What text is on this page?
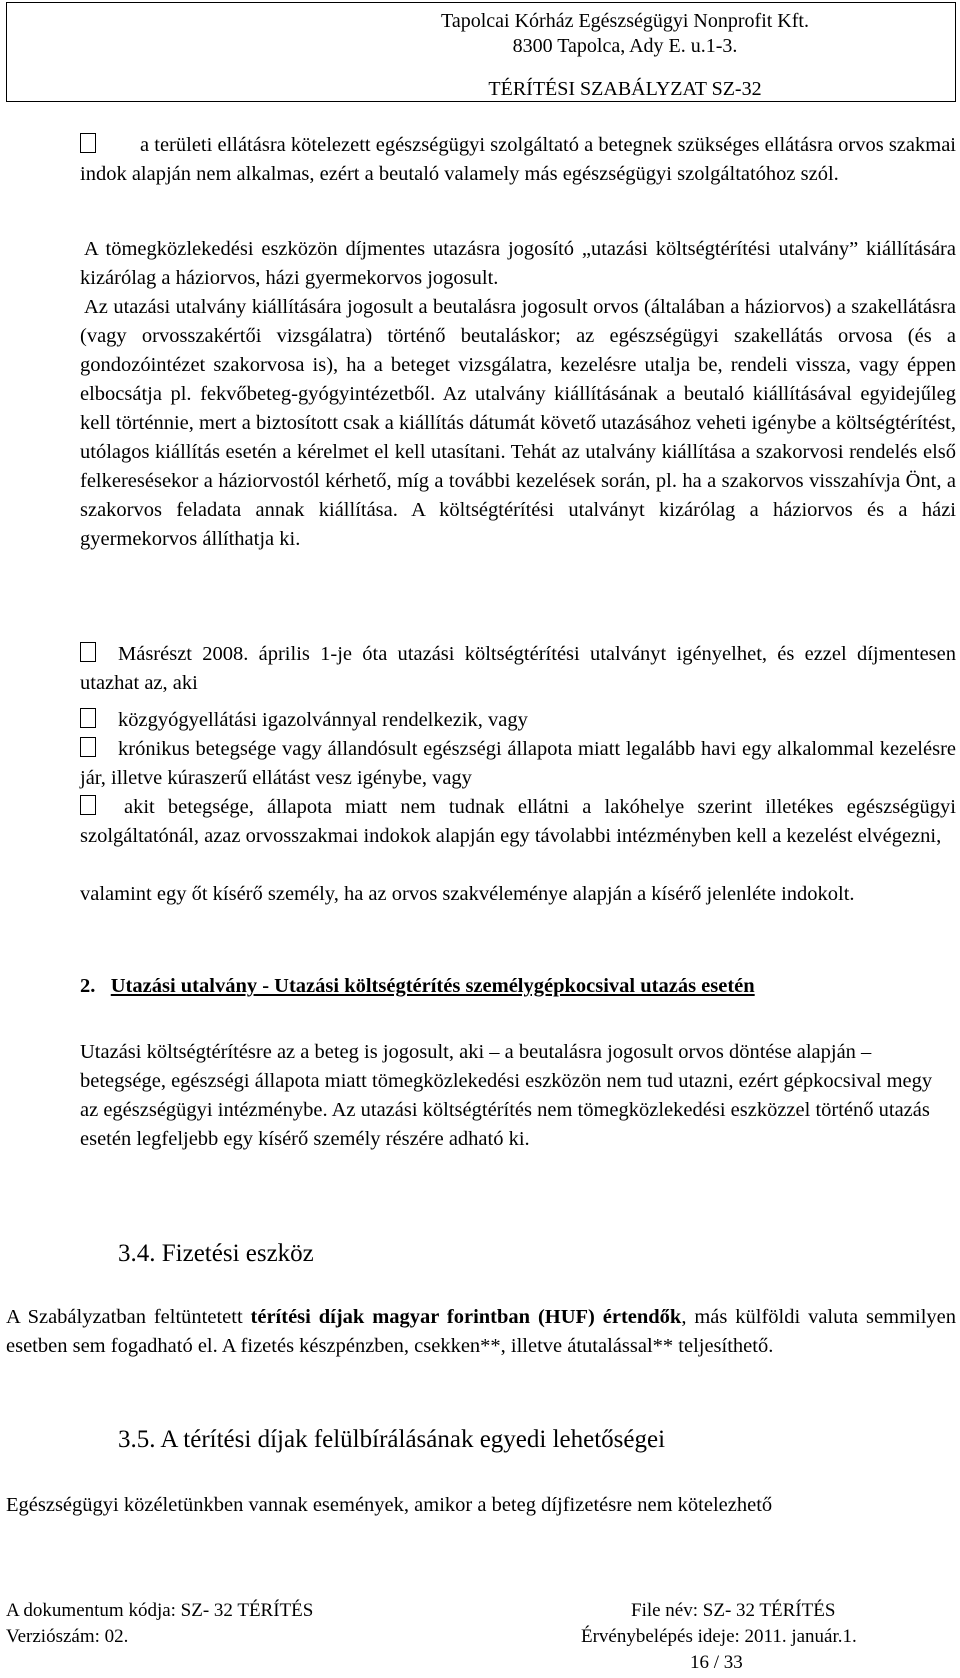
Tapolcai Kórház Egészségügyi Nonprofit Kft.
8300 Tapolca, Ady E. u.1-3.
TÉRÍTÉSI SZABÁLYZAT SZ-32
a területi ellátásra kötelezett egészségügyi szolgáltató a betegnek szükséges ellátásra orvos szakmai indok alapján nem alkalmas, ezért a beutaló valamely más egészségügyi szolgáltatóhoz szól.
A tömegközlekedési eszközön díjmentes utazásra jogosító „utazási költségtérítési utalvány” kiállítására kizárólag a háziorvos, házi gyermekorvos jogosult.
Az utazási utalvány kiállítására jogosult a beutalásra jogosult orvos (általában a háziorvos) a szakellátásra (vagy orvosszakértői vizsgálatra) történő beutaláskor; az egészségügyi szakellátás orvosa (és a gondozóintézet szakorvosa is), ha a beteget vizsgálatra, kezelésre utalja be, rendeli vissza, vagy éppen elbocsátja pl. fekvőbeteg-gyógyintézetből. Az utalvány kiállításának a beutaló kiállításával egyidejűleg kell történnie, mert a biztosított csak a kiállítás dátumát követő utazásához veheti igénybe a költségtérítést, utólagos kiállítás esetén a kérelmet el kell utasítani. Tehát az utalvány kiállítása a szakorvosi rendelés első felkeresésekor a háziorvostól kérhető, míg a további kezelések során, pl. ha a szakorvos visszahívja Önt, a szakorvos feladata annak kiállítása. A költségtérítési utalványt kizárólag a háziorvos és a házi gyermekorvos állíthatja ki.
Másrészt 2008. április 1-je óta utazási költségtérítési utalványt igényelhet, és ezzel díjmentesen utazhat az, aki
közgyógyellátási igazolvánnyal rendelkezik, vagy
krónikus betegsége vagy állandósult egészségi állapota miatt legalább havi egy alkalommal kezelésre jár, illetve kúraszerű ellátást vesz igénybe, vagy
akit betegsége, állapota miatt nem tudnak ellátni a lakóhelye szerint illetékes egészségügyi szolgáltatónál, azaz orvosszakmai indokok alapján egy távolabbi intézményben kell a kezelést elvégezni,
valamint egy őt kísérő személy, ha az orvos szakvéleménye alapján a kísérő jelenléte indokolt.
2. Utazási utalvány - Utazási költségtérítés személygépkocsival utazás esetén
Utazási költségtérítésre az a beteg is jogosult, aki – a beutalásra jogosult orvos döntése alapján – betegsége, egészségi állapota miatt tömegközlekedési eszközön nem tud utazni, ezért gépkocsival megy az egészségügyi intézménybe. Az utazási költségtérítés nem tömegközlekedési eszközzel történő utazás esetén legfeljebb egy kísérő személy részére adható ki.
3.4. Fizetési eszköz
A Szabályzatban feltüntetett térítési díjak magyar forintban (HUF) értendők, más külföldi valuta semmilyen esetben sem fogadható el. A fizetés készpénzben, csekken**, illetve átutalással** teljesíthető.
3.5. A térítési díjak felülbírálásának egyedi lehetőségei
Egészségügyi közéletünkben vannak események, amikor a beteg díjfizetésre nem kötelezhető
A dokumentum kódja: SZ- 32 TÉRÍTÉS	File név: SZ- 32 TÉRÍTÉS
Verziószám: 02.	Érvénybelépés ideje: 2011. január.1.
16 / 33
